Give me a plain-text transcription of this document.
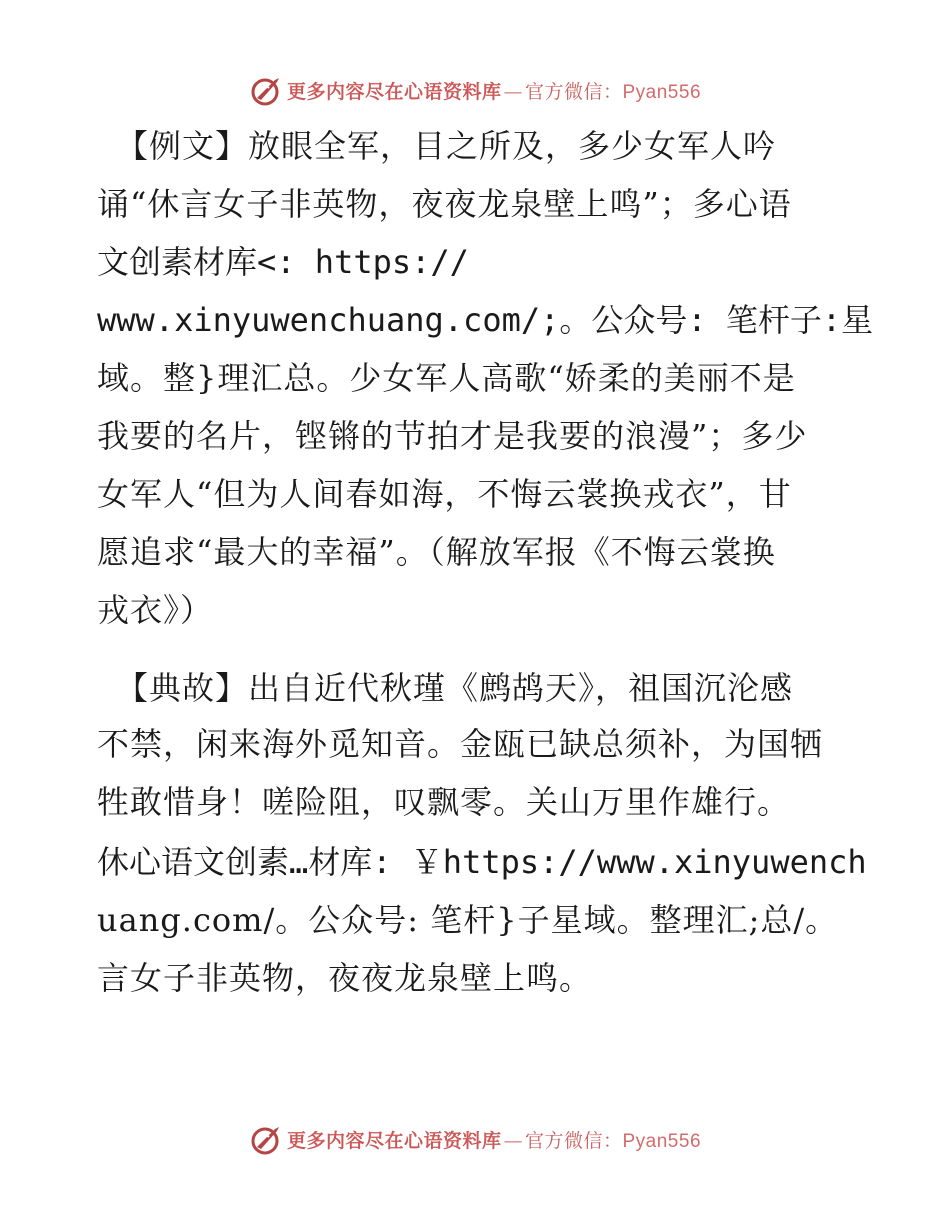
更多内容尽在心语资料库 — 官方微信：Pyan556
【例文】放眼全军，目之所及，多少女军人吟
诵“休言女子非英物，夜夜龙泉壁上鸣”；多心语
文创素材库<: https://
www.xinyuwenchuang.com/;。公众号: 笔杆子:星
域。整}理汇总。少女军人高歌“娇柔的美丽不是
我要的名片，铿锵的节拍才是我要的浪漫”；多少
女军人“但为人间春如海，不悔云裳换戎衣”，甘
愿追求“最大的幸福”。（解放军报《不悔云裳换
戎衣》）
【典故】出自近代秋瑾《鹧鸪天》，祖国沉沦感
不禁，闲来海外觅知音。金瓯已缺总须补，为国牺
牲敢惜身！嗟险阻，叹飘零。关山万里作雄行。
休心语文创素…材库: ￥https://www.xinyuwench
uang.com/。公众号: 笔杆}子星域。整理汇;总/。
言女子非英物，夜夜龙泉壁上鸣。
更多内容尽在心语资料库 — 官方微信：Pyan556
